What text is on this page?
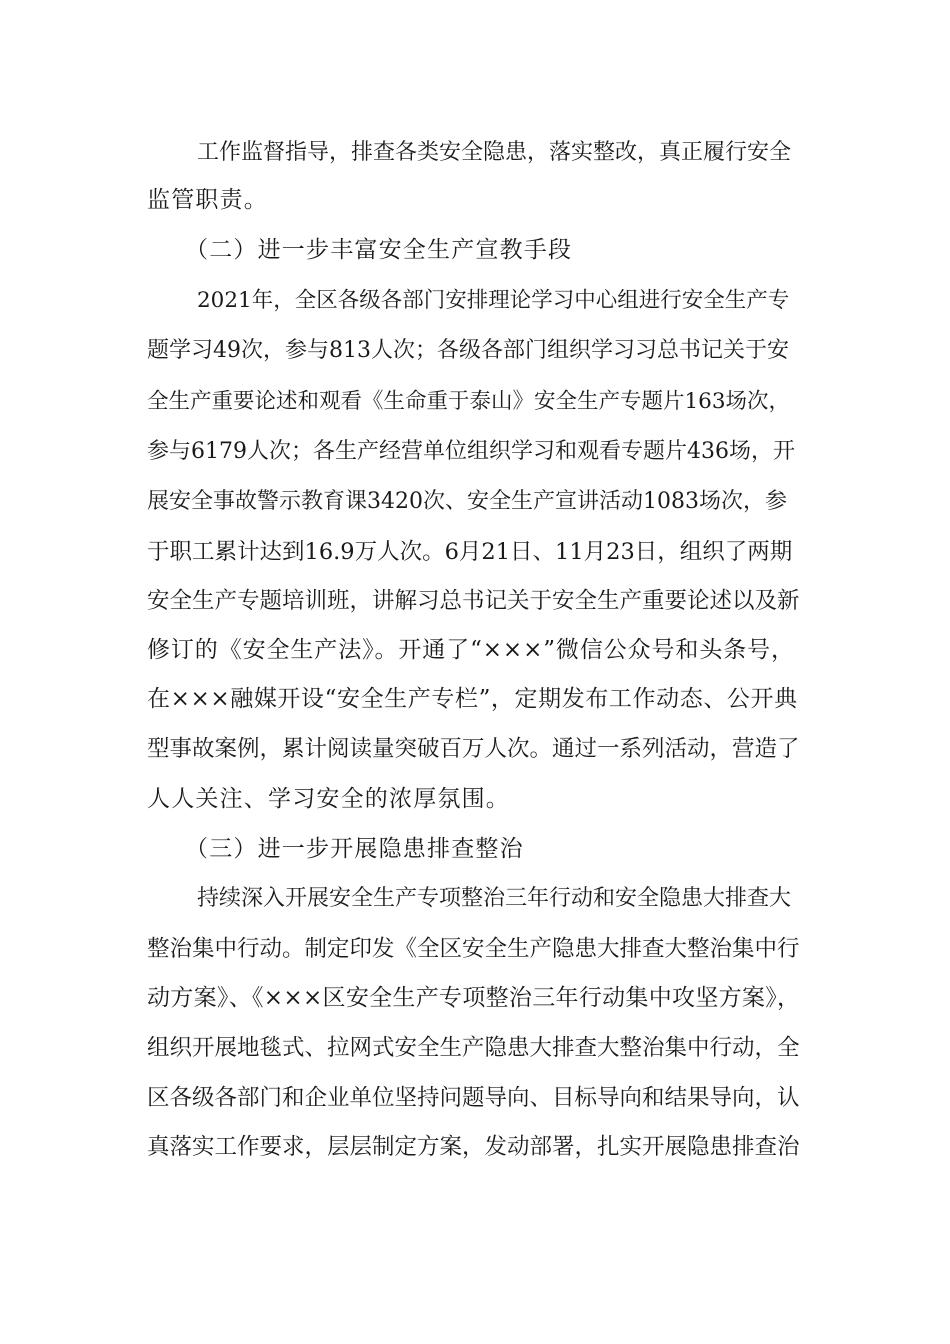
工作监督指导，排查各类安全隐患，落实整改，真正履行安全
监管职责。
（二）进一步丰富安全生产宣教手段
2021年，全区各级各部门安排理论学习中心组进行安全生产专
题学习49次，参与813人次；各级各部门组织学习习总书记关于安
全生产重要论述和观看《生命重于泰山》安全生产专题片163场次，
参与6179人次；各生产经营单位组织学习和观看专题片436场，开
展安全事故警示教育课3420次、安全生产宣讲活动1083场次，参
于职工累计达到16.9万人次。6月21日、11月23日，组织了两期
安全生产专题培训班，讲解习总书记关于安全生产重要论述以及新
修订的《安全生产法》。开通了“×××”微信公众号和头条号，
在×××融媒开设“安全生产专栏”，定期发布工作动态、公开典
型事故案例，累计阅读量突破百万人次。通过一系列活动，营造了
人人关注、学习安全的浓厚氛围。
（三）进一步开展隐患排查整治
持续深入开展安全生产专项整治三年行动和安全隐患大排查大
整治集中行动。制定印发《全区安全生产隐患大排查大整治集中行
动方案》、《×××区安全生产专项整治三年行动集中攻坚方案》，
组织开展地毯式、拉网式安全生产隐患大排查大整治集中行动，全
区各级各部门和企业单位坚持问题导向、目标导向和结果导向，认
真落实工作要求，层层制定方案，发动部署，扎实开展隐患排查治
